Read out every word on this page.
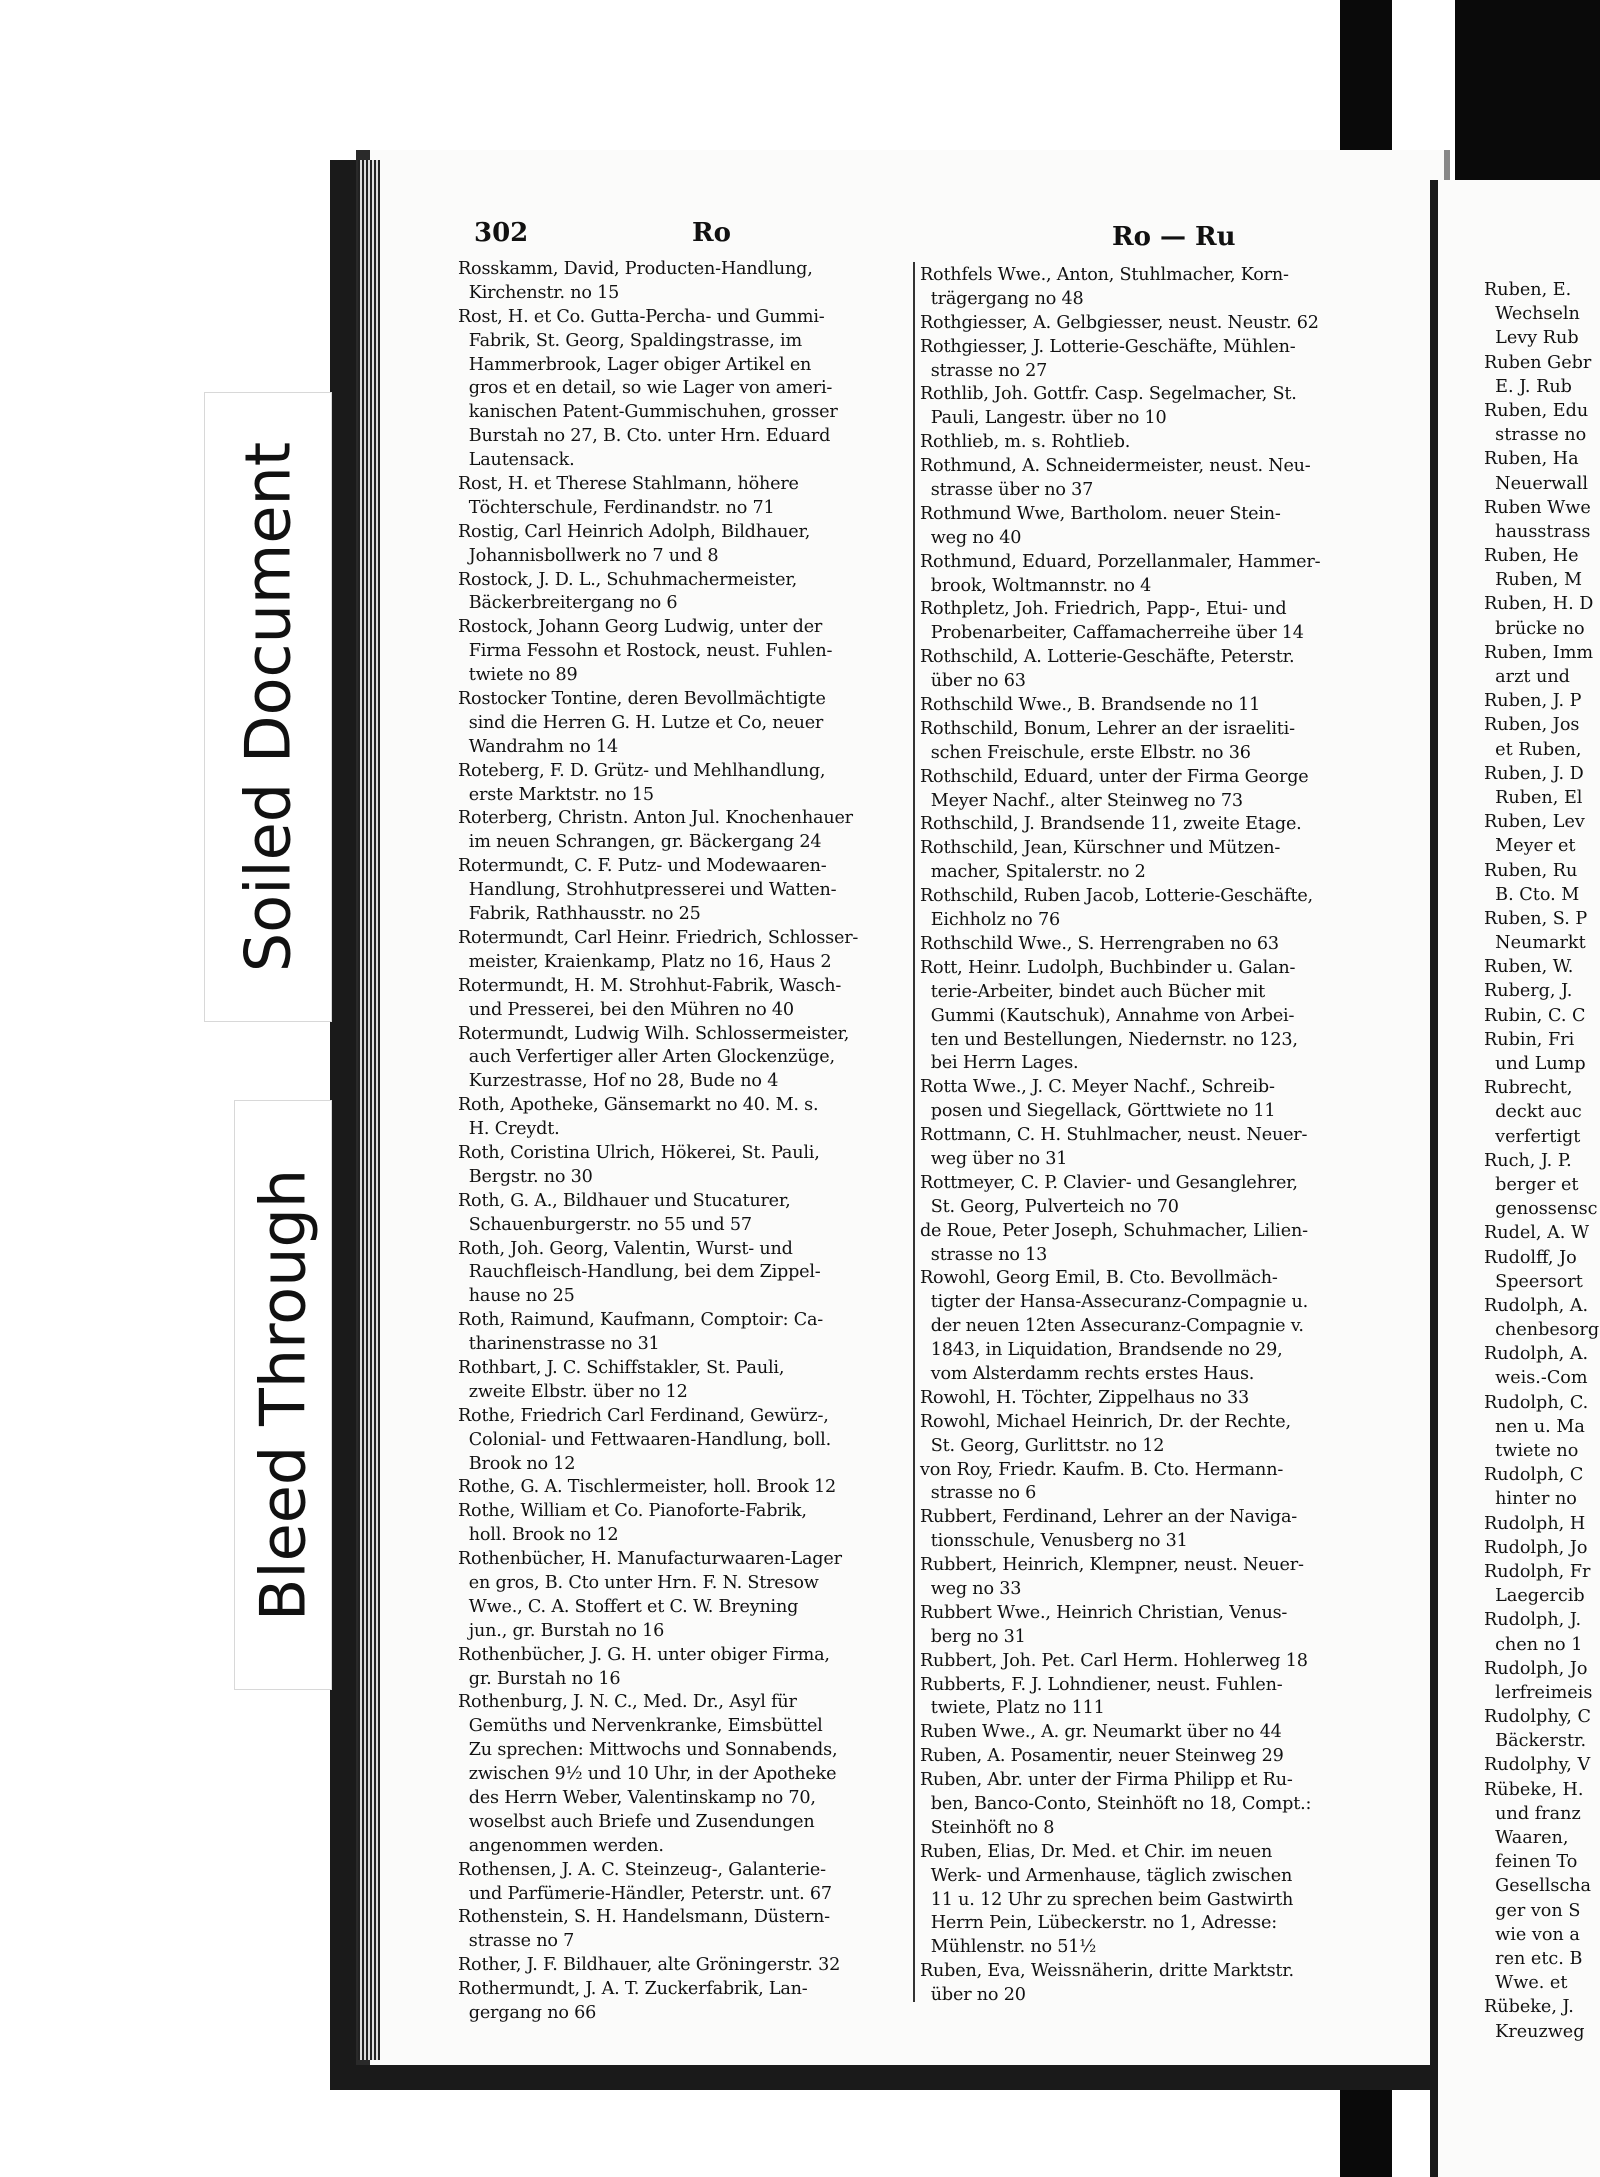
Ruben, E.
Wechseln
Levy Rub
Ruben Gebr
E. J. Rub
Ruben, Edu
strasse no
Ruben, Ha
Neuerwall
Ruben Wwe
hausstrass
Ruben, He
Ruben, M
Ruben, H. D
brücke no
Ruben, Imm
arzt und
Ruben, J. P
Ruben, Jos
et Ruben,
Ruben, J. D
Ruben, El
Ruben, Lev
Meyer et
Ruben, Ru
B. Cto. M
Ruben, S. P
Neumarkt
Ruben, W.
Ruberg, J.
Rubin, C. C
Rubin, Fri
und Lump
Rubrecht,
deckt auc
verfertigt
Ruch, J. P.
berger et
genossensc
Rudel, A. W
Rudolff, Jo
Speersort
Rudolph, A.
chenbesorg
Rudolph, A.
weis.-Com
Rudolph, C.
nen u. Ma
twiete no
Rudolph, C
hinter no
Rudolph, H
Rudolph, Jo
Rudolph, Fr
Laegercib
Rudolph, J.
chen no 1
Rudolph, Jo
lerfreimeis
Rudolphy, C
Bäckerstr.
Rudolphy, V
Rübeke, H.
und franz
Waaren,
feinen To
Gesellscha
ger von S
wie von a
ren etc. B
Wwe. et
Rübeke, J.
Kreuzweg
Soiled Document
Bleed Through
302	Ro	Ro — Ru
Rosskamm, David, Producten-Handlung,
Kirchenstr. no 15
Rost, H. et Co. Gutta-Percha- und Gummi-
Fabrik, St. Georg, Spaldingstrasse, im
Hammerbrook, Lager obiger Artikel en
gros et en detail, so wie Lager von ameri-
kanischen Patent-Gummischuhen, grosser
Burstah no 27, B. Cto. unter Hrn. Eduard
Lautensack.
Rost, H. et Therese Stahlmann, höhere
Töchterschule, Ferdinandstr. no 71
Rostig, Carl Heinrich Adolph, Bildhauer,
Johannisbollwerk no 7 und 8
Rostock, J. D. L., Schuhmachermeister,
Bäckerbreitergang no 6
Rostock, Johann Georg Ludwig, unter der
Firma Fessohn et Rostock, neust. Fuhlen-
twiete no 89
Rostocker Tontine, deren Bevollmächtigte
sind die Herren G. H. Lutze et Co, neuer
Wandrahm no 14
Roteberg, F. D. Grütz- und Mehlhandlung,
erste Marktstr. no 15
Roterberg, Christn. Anton Jul. Knochenhauer
im neuen Schrangen, gr. Bäckergang 24
Rotermundt, C. F. Putz- und Modewaaren-
Handlung, Strohhutpresserei und Watten-
Fabrik, Rathhausstr. no 25
Rotermundt, Carl Heinr. Friedrich, Schlosser-
meister, Kraienkamp, Platz no 16, Haus 2
Rotermundt, H. M. Strohhut-Fabrik, Wasch-
und Presserei, bei den Mühren no 40
Rotermundt, Ludwig Wilh. Schlossermeister,
auch Verfertiger aller Arten Glockenzüge,
Kurzestrasse, Hof no 28, Bude no 4
Roth, Apotheke, Gänsemarkt no 40. M. s.
H. Creydt.
Roth, Coristina Ulrich, Hökerei, St. Pauli,
Bergstr. no 30
Roth, G. A., Bildhauer und Stucaturer,
Schauenburgerstr. no 55 und 57
Roth, Joh. Georg, Valentin, Wurst- und
Rauchfleisch-Handlung, bei dem Zippel-
hause no 25
Roth, Raimund, Kaufmann, Comptoir: Ca-
tharinenstrasse no 31
Rothbart, J. C. Schiffstakler, St. Pauli,
zweite Elbstr. über no 12
Rothe, Friedrich Carl Ferdinand, Gewürz-,
Colonial- und Fettwaaren-Handlung, boll.
Brook no 12
Rothe, G. A. Tischlermeister, holl. Brook 12
Rothe, William et Co. Pianoforte-Fabrik,
holl. Brook no 12
Rothenbücher, H. Manufacturwaaren-Lager
en gros, B. Cto unter Hrn. F. N. Stresow
Wwe., C. A. Stoffert et C. W. Breyning
jun., gr. Burstah no 16
Rothenbücher, J. G. H. unter obiger Firma,
gr. Burstah no 16
Rothenburg, J. N. C., Med. Dr., Asyl für
Gemüths und Nervenkranke, Eimsbüttel
Zu sprechen: Mittwochs und Sonnabends,
zwischen 9½ und 10 Uhr, in der Apotheke
des Herrn Weber, Valentinskamp no 70,
woselbst auch Briefe und Zusendungen
angenommen werden.
Rothensen, J. A. C. Steinzeug-, Galanterie-
und Parfümerie-Händler, Peterstr. unt. 67
Rothenstein, S. H. Handelsmann, Düstern-
strasse no 7
Rother, J. F. Bildhauer, alte Gröningerstr. 32
Rothermundt, J. A. T. Zuckerfabrik, Lan-
gergang no 66
Rothfels Wwe., Anton, Stuhlmacher, Korn-
trägergang no 48
Rothgiesser, A. Gelbgiesser, neust. Neustr. 62
Rothgiesser, J. Lotterie-Geschäfte, Mühlen-
strasse no 27
Rothlib, Joh. Gottfr. Casp. Segelmacher, St.
Pauli, Langestr. über no 10
Rothlieb, m. s. Rohtlieb.
Rothmund, A. Schneidermeister, neust. Neu-
strasse über no 37
Rothmund Wwe, Bartholom. neuer Stein-
weg no 40
Rothmund, Eduard, Porzellanmaler, Hammer-
brook, Woltmannstr. no 4
Rothpletz, Joh. Friedrich, Papp-, Etui- und
Probenarbeiter, Caffamacherreihe über 14
Rothschild, A. Lotterie-Geschäfte, Peterstr.
über no 63
Rothschild Wwe., B. Brandsende no 11
Rothschild, Bonum, Lehrer an der israeliti-
schen Freischule, erste Elbstr. no 36
Rothschild, Eduard, unter der Firma George
Meyer Nachf., alter Steinweg no 73
Rothschild, J. Brandsende 11, zweite Etage.
Rothschild, Jean, Kürschner und Mützen-
macher, Spitalerstr. no 2
Rothschild, Ruben Jacob, Lotterie-Geschäfte,
Eichholz no 76
Rothschild Wwe., S. Herrengraben no 63
Rott, Heinr. Ludolph, Buchbinder u. Galan-
terie-Arbeiter, bindet auch Bücher mit
Gummi (Kautschuk), Annahme von Arbei-
ten und Bestellungen, Niedernstr. no 123,
bei Herrn Lages.
Rotta Wwe., J. C. Meyer Nachf., Schreib-
posen und Siegellack, Görttwiete no 11
Rottmann, C. H. Stuhlmacher, neust. Neuer-
weg über no 31
Rottmeyer, C. P. Clavier- und Gesanglehrer,
St. Georg, Pulverteich no 70
de Roue, Peter Joseph, Schuhmacher, Lilien-
strasse no 13
Rowohl, Georg Emil, B. Cto. Bevollmäch-
tigter der Hansa-Assecuranz-Compagnie u.
der neuen 12ten Assecuranz-Compagnie v.
1843, in Liquidation, Brandsende no 29,
vom Alsterdamm rechts erstes Haus.
Rowohl, H. Töchter, Zippelhaus no 33
Rowohl, Michael Heinrich, Dr. der Rechte,
St. Georg, Gurlittstr. no 12
von Roy, Friedr. Kaufm. B. Cto. Hermann-
strasse no 6
Rubbert, Ferdinand, Lehrer an der Naviga-
tionsschule, Venusberg no 31
Rubbert, Heinrich, Klempner, neust. Neuer-
weg no 33
Rubbert Wwe., Heinrich Christian, Venus-
berg no 31
Rubbert, Joh. Pet. Carl Herm. Hohlerweg 18
Rubberts, F. J. Lohndiener, neust. Fuhlen-
twiete, Platz no 111
Ruben Wwe., A. gr. Neumarkt über no 44
Ruben, A. Posamentir, neuer Steinweg 29
Ruben, Abr. unter der Firma Philipp et Ru-
ben, Banco-Conto, Steinhöft no 18, Compt.:
Steinhöft no 8
Ruben, Elias, Dr. Med. et Chir. im neuen
Werk- und Armenhause, täglich zwischen
11 u. 12 Uhr zu sprechen beim Gastwirth
Herrn Pein, Lübeckerstr. no 1, Adresse:
Mühlenstr. no 51½
Ruben, Eva, Weissnäherin, dritte Marktstr.
über no 20
